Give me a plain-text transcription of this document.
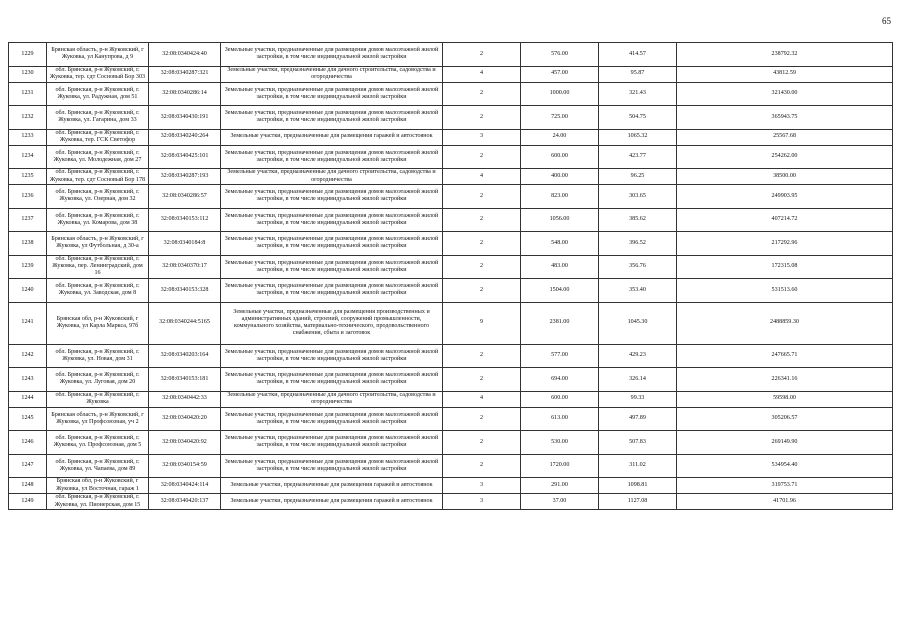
65
1229	Брянская область, р-н Жуковский, г Жуковка, ул Канупрова, д 9	32:08:0340424:40	Земельные участки, предназначенные для размещения домов малоэтажной жилой застройки, в том числе индивидуальной жилой застройки	2	576.00	414.57	238792.32
1230	обл. Брянская, р-н Жуковский, г. Жуковка, тер. сдт Сосновый Бор 303	32:08:0340287:321	Земельные участки, предназначенные для дачного строительства, садоводства и огородничества	4	457.00	95.87	43812.59
1231	обл. Брянская, р-н Жуковский, г. Жуковка, ул. Радужная, дом 51	32:08:0340286:14	Земельные участки, предназначенные для размещения домов малоэтажной жилой застройки, в том числе индивидуальной жилой застройки	2	1000.00	321.43	321430.00
1232	обл. Брянская, р-н Жуковский, г. Жуковка, ул. Гагарина, дом 33	32:08:0340430:191	Земельные участки, предназначенные для размещения домов малоэтажной жилой застройки, в том числе индивидуальной жилой застройки	2	725.00	504.75	365943.75
1233	обл. Брянская, р-н Жуковский, г. Жуковка, тер. ГСК Светофор	32:08:0340240:264	Земельные участки, предназначенные для размещения гаражей и автостоянок	3	24.00	1065.32	25567.68
1234	обл. Брянская, р-н Жуковский, г. Жуковка, ул. Молодежная, дом 27	32:08:0340425:101	Земельные участки, предназначенные для размещения домов малоэтажной жилой застройки, в том числе индивидуальной жилой застройки	2	600.00	423.77	254262.00
1235	обл. Брянская, р-н Жуковский, г. Жуковка, тер. сдт Сосновый Бор 178	32:08:0340287:193	Земельные участки, предназначенные для дачного строительства, садоводства и огородничества	4	400.00	96.25	38500.00
1236	обл. Брянская, р-н Жуковский, г. Жуковка, ул. Озерная, дом 32	32:08:0340286:57	Земельные участки, предназначенные для размещения домов малоэтажной жилой застройки, в том числе индивидуальной жилой застройки	2	823.00	303.65	249903.95
1237	обл. Брянская, р-н Жуковский, г. Жуковка, ул. Комарова, дом 38	32:08:0340153:112	Земельные участки, предназначенные для размещения домов малоэтажной жилой застройки, в том числе индивидуальной жилой застройки	2	1056.00	385.62	407214.72
1238	Брянская область, р-н Жуковский, г Жуковка, ул Футбольная, д 30-а	32:08:0340184:8	Земельные участки, предназначенные для размещения домов малоэтажной жилой застройки, в том числе индивидуальной жилой застройки	2	548.00	396.52	217292.96
1239	обл. Брянская, р-н Жуковский, г. Жуковка, пер. Ленинградский, дом 16	32:08:0340370:17	Земельные участки, предназначенные для размещения домов малоэтажной жилой застройки, в том числе индивидуальной жилой застройки	2	483.00	356.76	172315.08
1240	обл. Брянская, р-н Жуковский, г. Жуковка, ул. Заводская, дом 8	32:08:0340153:328	Земельные участки, предназначенные для размещения домов малоэтажной жилой застройки, в том числе индивидуальной жилой застройки	2	1504.00	353.40	531513.60
1241	Брянская обл, р-н Жуковский, г Жуковка, ул Карла Маркса, 97б	32:08:0340244:5165	Земельные участки, предназначенные для размещения производственных и административных зданий, строений, сооружений промышленности, коммунального хозяйства, материально-технического, продовольственного снабжения, сбыта и заготовок	9	2381.00	1045.30	2488859.30
1242	обл. Брянская, р-н Жуковский, г. Жуковка, ул. Новая, дом 31	32:08:0340203:164	Земельные участки, предназначенные для размещения домов малоэтажной жилой застройки, в том числе индивидуальной жилой застройки	2	577.00	429.23	247665.71
1243	обл. Брянская, р-н Жуковский, г. Жуковка, ул. Луговая, дом 20	32:08:0340153:181	Земельные участки, предназначенные для размещения домов малоэтажной жилой застройки, в том числе индивидуальной жилой застройки	2	694.00	326.14	226341.16
1244	обл. Брянская, р-н Жуковский, г. Жуковка	32:08:0340442:33	Земельные участки, предназначенные для дачного строительства, садоводства и огородничества	4	600.00	99.33	59598.00
1245	Брянская область, р-н Жуковский, г Жуковка, ул Профсоюзная, уч 2	32:08:0340420:20	Земельные участки, предназначенные для размещения домов малоэтажной жилой застройки, в том числе индивидуальной жилой застройки	2	613.00	497.89	305206.57
1246	обл. Брянская, р-н Жуковский, г. Жуковка, ул. Профсоюзная, дом 5	32:08:0340420:92	Земельные участки, предназначенные для размещения домов малоэтажной жилой застройки, в том числе индивидуальной жилой застройки	2	530.00	507.83	269149.90
1247	обл. Брянская, р-н Жуковский, г. Жуковка, ул. Чапаева, дом 89	32:08:0340154:59	Земельные участки, предназначенные для размещения домов малоэтажной жилой застройки, в том числе индивидуальной жилой застройки	2	1720.00	311.02	534954.40
1248	Брянская обл, р-н Жуковский, г Жуковка, ул Восточная, гараж 1	32:08:0340424:114	Земельные участки, предназначенные для размещения гаражей и автостоянок	3	291.00	1098.81	319753.71
1249	обл. Брянская, р-н Жуковский, г. Жуковка, ул. Пионерская, дом 15	32:08:0340420:137	Земельные участки, предназначенные для размещения гаражей и автостоянок	3	37.00	1127.08	41701.96
